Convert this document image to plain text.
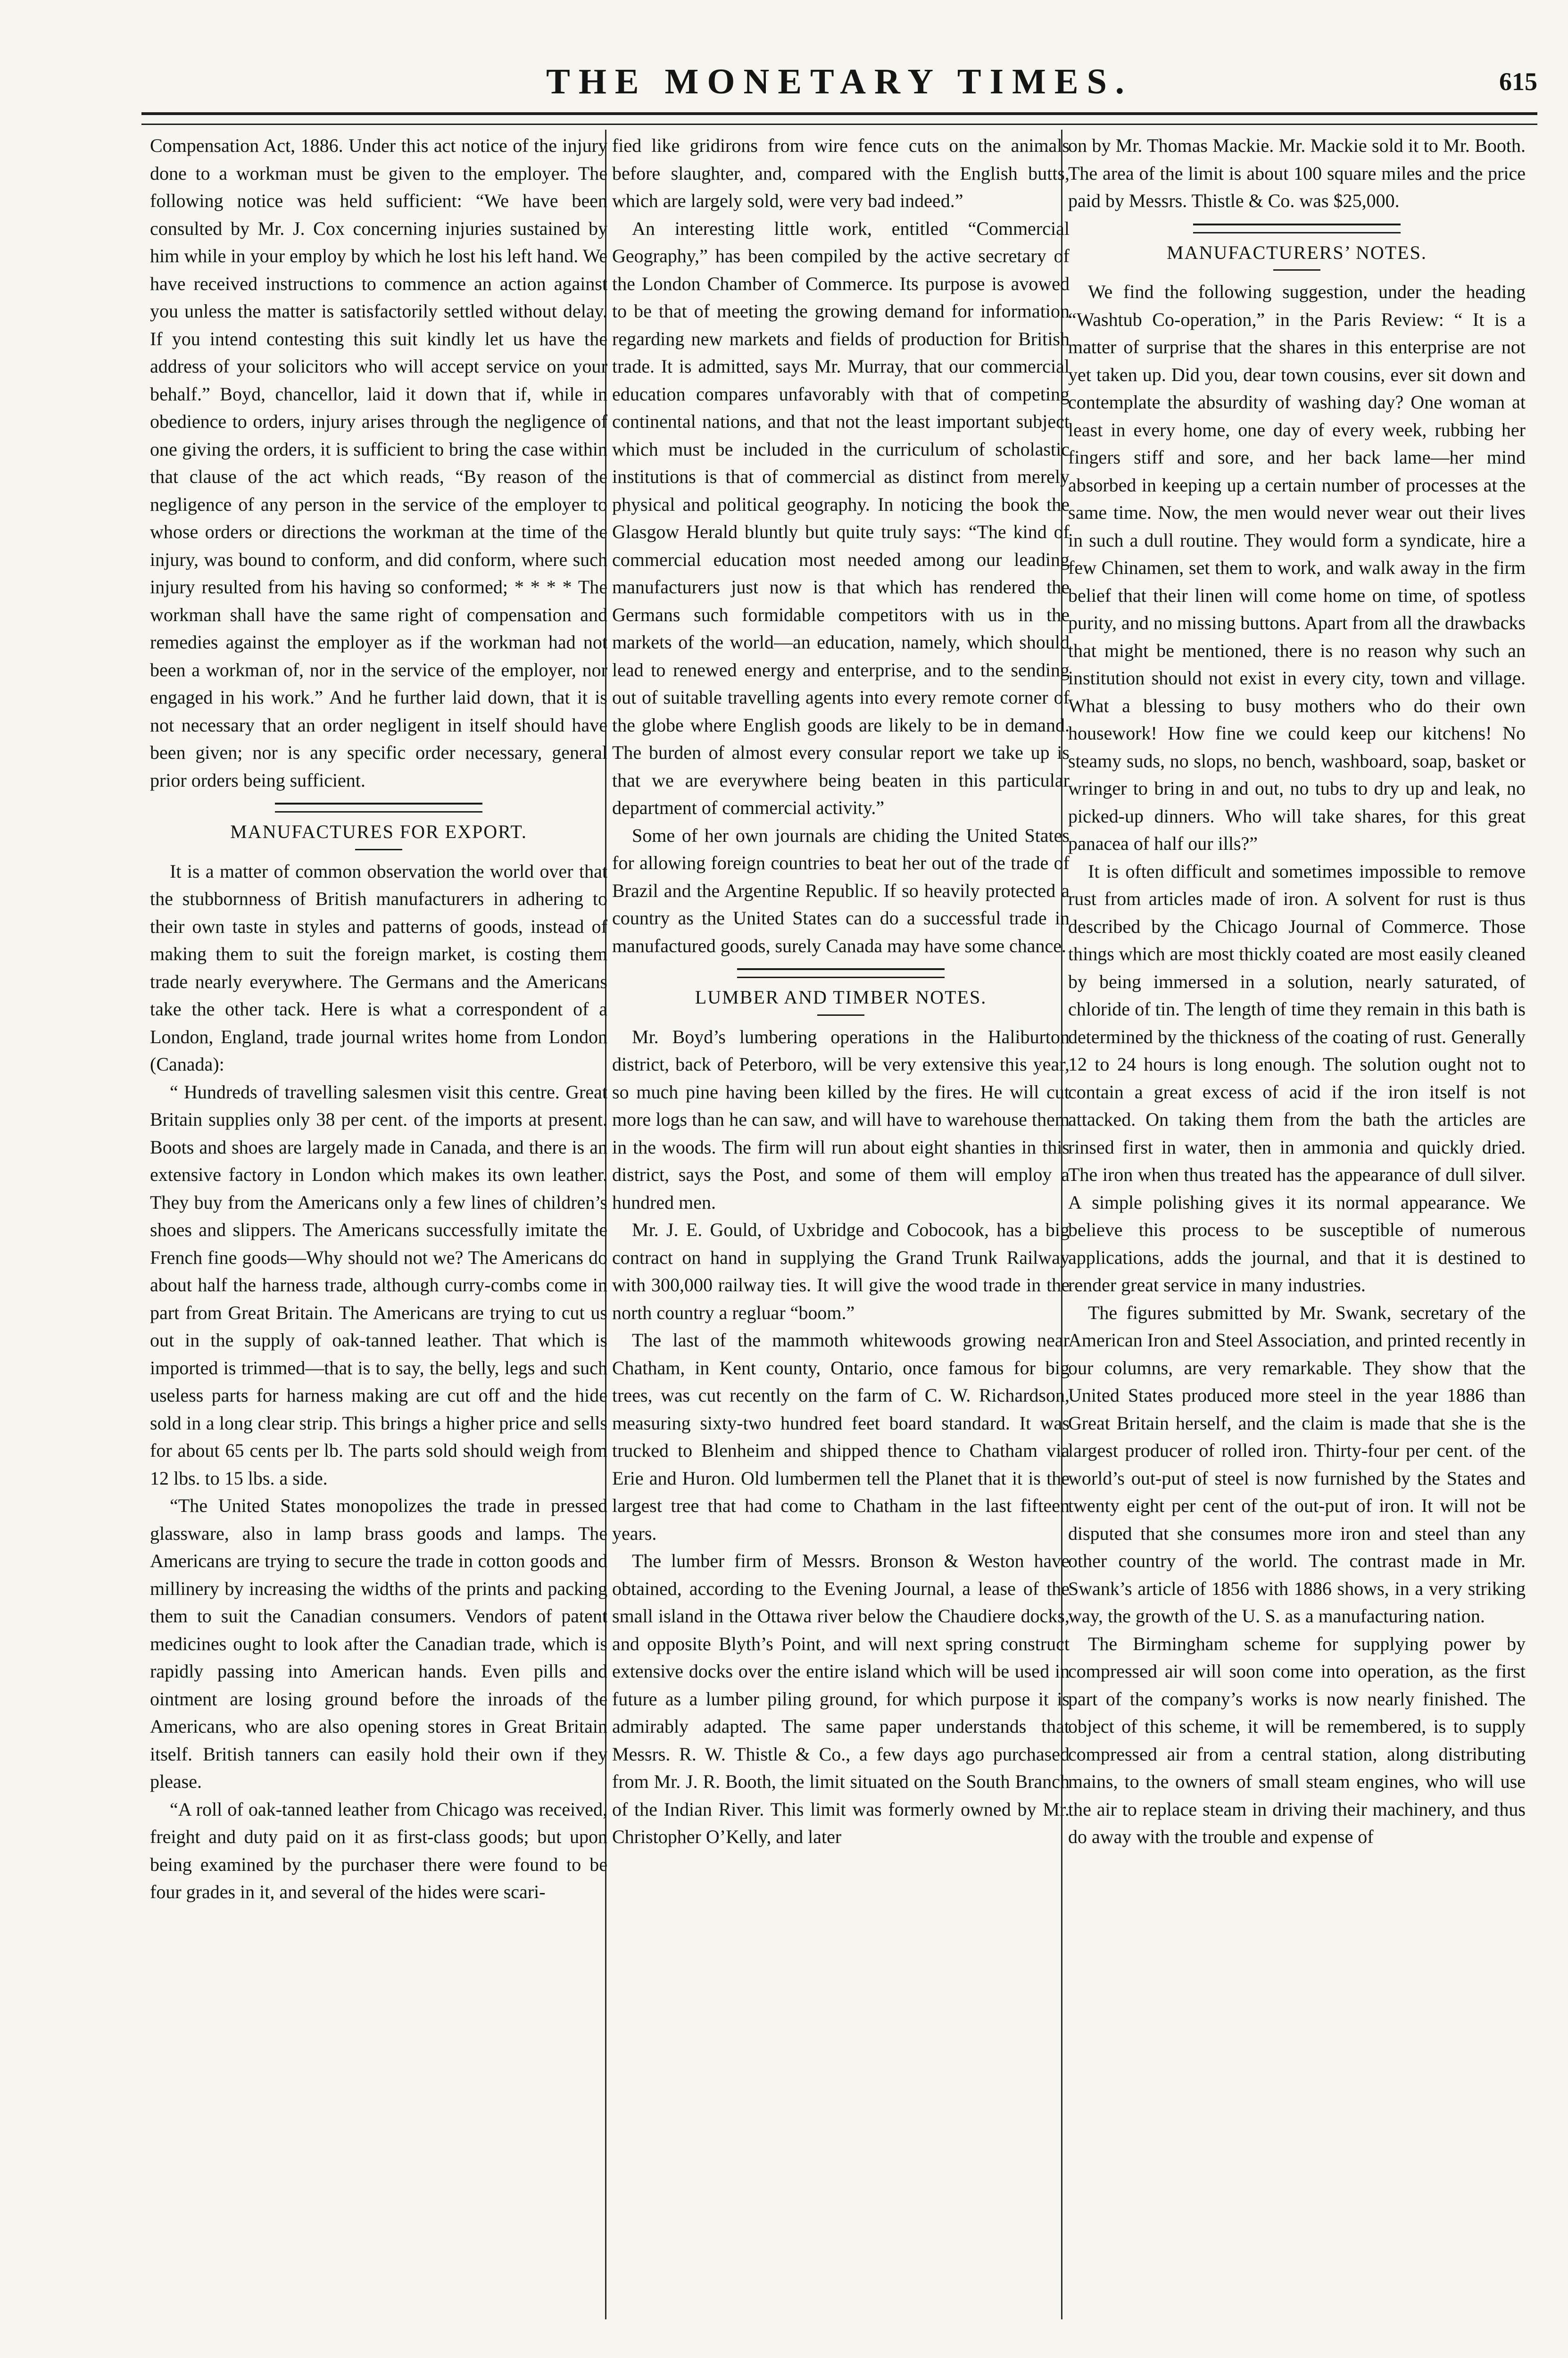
THE MONETARY TIMES.	615

Compensation Act, 1886. Under this act notice of the injury done to a workman must be given to the employer. The following notice was held sufficient: “We have been consulted by Mr. J. Cox concerning injuries sustained by him while in your employ by which he lost his left hand. We have received instructions to commence an action against you unless the matter is satisfactorily settled without delay. If you intend contesting this suit kindly let us have the address of your solicitors who will accept service on your behalf.” Boyd, chancellor, laid it down that if, while in obedience to orders, injury arises through the negligence of one giving the orders, it is sufficient to bring the case within that clause of the act which reads, “By reason of the negligence of any person in the service of the employer to whose orders or directions the workman at the time of the injury, was bound to conform, and did conform, where such injury resulted from his having so conformed; * * * * The workman shall have the same right of compensation and remedies against the employer as if the workman had not been a workman of, nor in the service of the employer, nor engaged in his work.” And he further laid down, that it is not necessary that an order negligent in itself should have been given; nor is any specific order necessary, general prior orders being sufficient.

MANUFACTURES FOR EXPORT.

It is a matter of common observation the world over that the stubbornness of British manufacturers in adhering to their own taste in styles and patterns of goods, instead of making them to suit the foreign market, is costing them trade nearly everywhere. The Germans and the Americans take the other tack. Here is what a correspondent of a London, England, trade journal writes home from London (Canada):

“ Hundreds of travelling salesmen visit this centre. Great Britain supplies only 38 per cent. of the imports at present. Boots and shoes are largely made in Canada, and there is an extensive factory in London which makes its own leather. They buy from the Americans only a few lines of children’s shoes and slippers. The Americans successfully imitate the French fine goods—Why should not we? The Americans do about half the harness trade, although curry-combs come in part from Great Britain. The Americans are trying to cut us out in the supply of oak-tanned leather. That which is imported is trimmed—that is to say, the belly, legs and such useless parts for harness making are cut off and the hide sold in a long clear strip. This brings a higher price and sells for about 65 cents per lb. The parts sold should weigh from 12 lbs. to 15 lbs. a side.

“The United States monopolizes the trade in pressed glassware, also in lamp brass goods and lamps. The Americans are trying to secure the trade in cotton goods and millinery by increasing the widths of the prints and packing them to suit the Canadian consumers. Vendors of patent medicines ought to look after the Canadian trade, which is rapidly passing into American hands. Even pills and ointment are losing ground before the inroads of the Americans, who are also opening stores in Great Britain itself. British tanners can easily hold their own if they please.

“A roll of oak-tanned leather from Chicago was received, freight and duty paid on it as first-class goods; but upon being examined by the purchaser there were found to be four grades in it, and several of the hides were scari-

fied like gridirons from wire fence cuts on the animals before slaughter, and, compared with the English butts, which are largely sold, were very bad indeed.”

An interesting little work, entitled “Commercial Geography,” has been compiled by the active secretary of the London Chamber of Commerce. Its purpose is avowed to be that of meeting the growing demand for information regarding new markets and fields of production for British trade. It is admitted, says Mr. Murray, that our commercial education compares unfavorably with that of competing continental nations, and that not the least important subject which must be included in the curriculum of scholastic institutions is that of commercial as distinct from merely physical and political geography. In noticing the book the Glasgow Herald bluntly but quite truly says: “The kind of commercial education most needed among our leading manufacturers just now is that which has rendered the Germans such formidable competitors with us in the markets of the world—an education, namely, which should lead to renewed energy and enterprise, and to the sending out of suitable travelling agents into every remote corner of the globe where English goods are likely to be in demand. The burden of almost every consular report we take up is that we are everywhere being beaten in this particular department of commercial activity.”

Some of her own journals are chiding the United States for allowing foreign countries to beat her out of the trade of Brazil and the Argentine Republic. If so heavily protected a country as the United States can do a successful trade in manufactured goods, surely Canada may have some chance.

LUMBER AND TIMBER NOTES.

Mr. Boyd’s lumbering operations in the Haliburton district, back of Peterboro, will be very extensive this year, so much pine having been killed by the fires. He will cut more logs than he can saw, and will have to warehouse them in the woods. The firm will run about eight shanties in this district, says the Post, and some of them will employ a hundred men.

Mr. J. E. Gould, of Uxbridge and Cobocook, has a big contract on hand in supplying the Grand Trunk Railway with 300,000 railway ties. It will give the wood trade in the north country a regluar “boom.”

The last of the mammoth whitewoods growing near Chatham, in Kent county, Ontario, once famous for big trees, was cut recently on the farm of C. W. Richardson, measuring sixty-two hundred feet board standard. It was trucked to Blenheim and shipped thence to Chatham via Erie and Huron. Old lumbermen tell the Planet that it is the largest tree that had come to Chatham in the last fifteen years.

The lumber firm of Messrs. Bronson & Weston have obtained, according to the Evening Journal, a lease of the small island in the Ottawa river below the Chaudiere docks, and opposite Blyth’s Point, and will next spring construct extensive docks over the entire island which will be used in future as a lumber piling ground, for which purpose it is admirably adapted. The same paper understands that Messrs. R. W. Thistle & Co., a few days ago purchased from Mr. J. R. Booth, the limit situated on the South Branch of the Indian River. This limit was formerly owned by Mr. Christopher O’Kelly, and later

on by Mr. Thomas Mackie. Mr. Mackie sold it to Mr. Booth. The area of the limit is about 100 square miles and the price paid by Messrs. Thistle & Co. was $25,000.

MANUFACTURERS’ NOTES.

We find the following suggestion, under the heading “Washtub Co-operation,” in the Paris Review: “ It is a matter of surprise that the shares in this enterprise are not yet taken up. Did you, dear town cousins, ever sit down and contemplate the absurdity of washing day? One woman at least in every home, one day of every week, rubbing her fingers stiff and sore, and her back lame—her mind absorbed in keeping up a certain number of processes at the same time. Now, the men would never wear out their lives in such a dull routine. They would form a syndicate, hire a few Chinamen, set them to work, and walk away in the firm belief that their linen will come home on time, of spotless purity, and no missing buttons. Apart from all the drawbacks that might be mentioned, there is no reason why such an institution should not exist in every city, town and village. What a blessing to busy mothers who do their own housework! How fine we could keep our kitchens! No steamy suds, no slops, no bench, washboard, soap, basket or wringer to bring in and out, no tubs to dry up and leak, no picked-up dinners. Who will take shares, for this great panacea of half our ills?”

It is often difficult and sometimes impossible to remove rust from articles made of iron. A solvent for rust is thus described by the Chicago Journal of Commerce. Those things which are most thickly coated are most easily cleaned by being immersed in a solution, nearly saturated, of chloride of tin. The length of time they remain in this bath is determined by the thickness of the coating of rust. Generally 12 to 24 hours is long enough. The solution ought not to contain a great excess of acid if the iron itself is not attacked. On taking them from the bath the articles are rinsed first in water, then in ammonia and quickly dried. The iron when thus treated has the appearance of dull silver. A simple polishing gives it its normal appearance. We believe this process to be susceptible of numerous applications, adds the journal, and that it is destined to render great service in many industries.

The figures submitted by Mr. Swank, secretary of the American Iron and Steel Association, and printed recently in our columns, are very remarkable. They show that the United States produced more steel in the year 1886 than Great Britain herself, and the claim is made that she is the largest producer of rolled iron. Thirty-four per cent. of the world’s out-put of steel is now furnished by the States and twenty eight per cent of the out-put of iron. It will not be disputed that she consumes more iron and steel than any other country of the world. The contrast made in Mr. Swank’s article of 1856 with 1886 shows, in a very striking way, the growth of the U. S. as a manufacturing nation.

The Birmingham scheme for supplying power by compressed air will soon come into operation, as the first part of the company’s works is now nearly finished. The object of this scheme, it will be remembered, is to supply compressed air from a central station, along distributing mains, to the owners of small steam engines, who will use the air to replace steam in driving their machinery, and thus do away with the trouble and expense of
